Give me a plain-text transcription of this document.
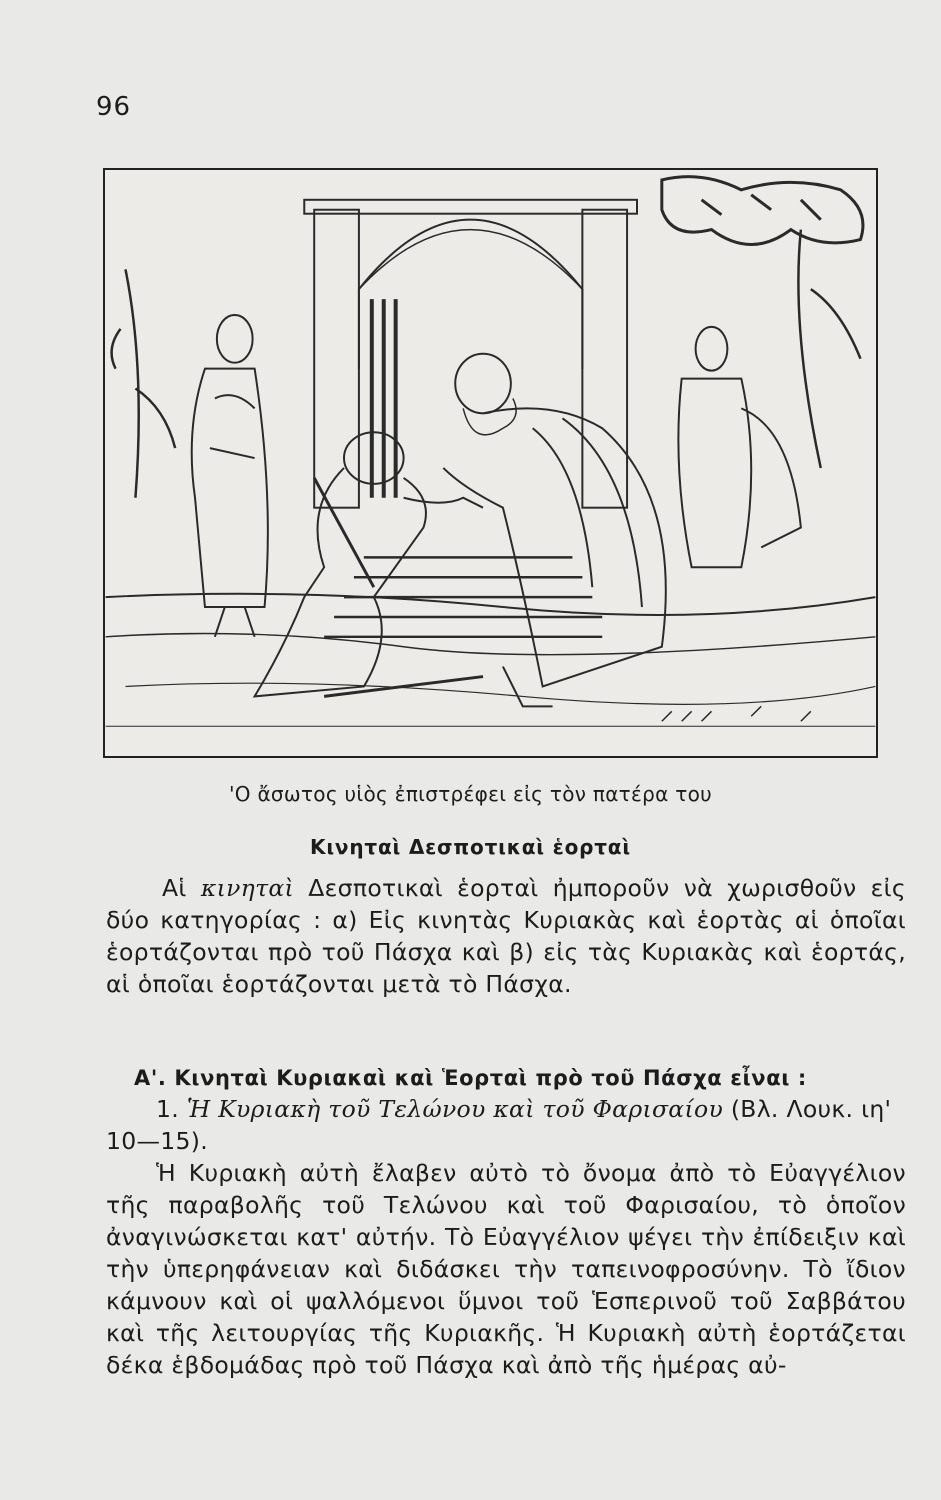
96
'Ο ἄσωτος υἱὸς ἐπιστρέφει εἰς τὸν πατέρα του
Κινηταὶ Δεσποτικαὶ ἑορταὶ
Αἱ κινηταὶ Δεσποτικαὶ ἑορταὶ ἠμποροῦν νὰ χωρισθοῦν εἰς δύο κατηγορίας : α) Εἰς κινητὰς Κυριακὰς καὶ ἑορτὰς αἱ ὁποῖαι ἑορτάζονται πρὸ τοῦ Πάσχα καὶ β) εἰς τὰς Κυριακὰς καὶ ἑορτάς, αἱ ὁποῖαι ἑορτάζονται μετὰ τὸ Πάσχα.
Α'. Κινηταὶ Κυριακαὶ καὶ Ἑορταὶ πρὸ τοῦ Πάσχα εἶναι :
1. Ἡ Κυριακὴ τοῦ Τελώνου καὶ τοῦ Φαρισαίου (Βλ. Λουκ. ιη' 10—15).
Ἡ Κυριακὴ αὐτὴ ἔλαβεν αὐτὸ τὸ ὄνομα ἀπὸ τὸ Εὐαγγέλιον τῆς παραβολῆς τοῦ Τελώνου καὶ τοῦ Φαρισαίου, τὸ ὁποῖον ἀναγινώσκεται κατ' αὐτήν. Τὸ Εὐαγγέλιον ψέγει τὴν ἐπίδειξιν καὶ τὴν ὑπερηφάνειαν καὶ διδάσκει τὴν ταπεινοφροσύνην. Τὸ ἴδιον κάμνουν καὶ οἱ ψαλλόμενοι ὕμνοι τοῦ Ἑσπερινοῦ τοῦ Σαββάτου καὶ τῆς λειτουργίας τῆς Κυριακῆς. Ἡ Κυριακὴ αὐτὴ ἑορτάζεται δέκα ἑβδομάδας πρὸ τοῦ Πάσχα καὶ ἀπὸ τῆς ἡμέρας αὐ-
